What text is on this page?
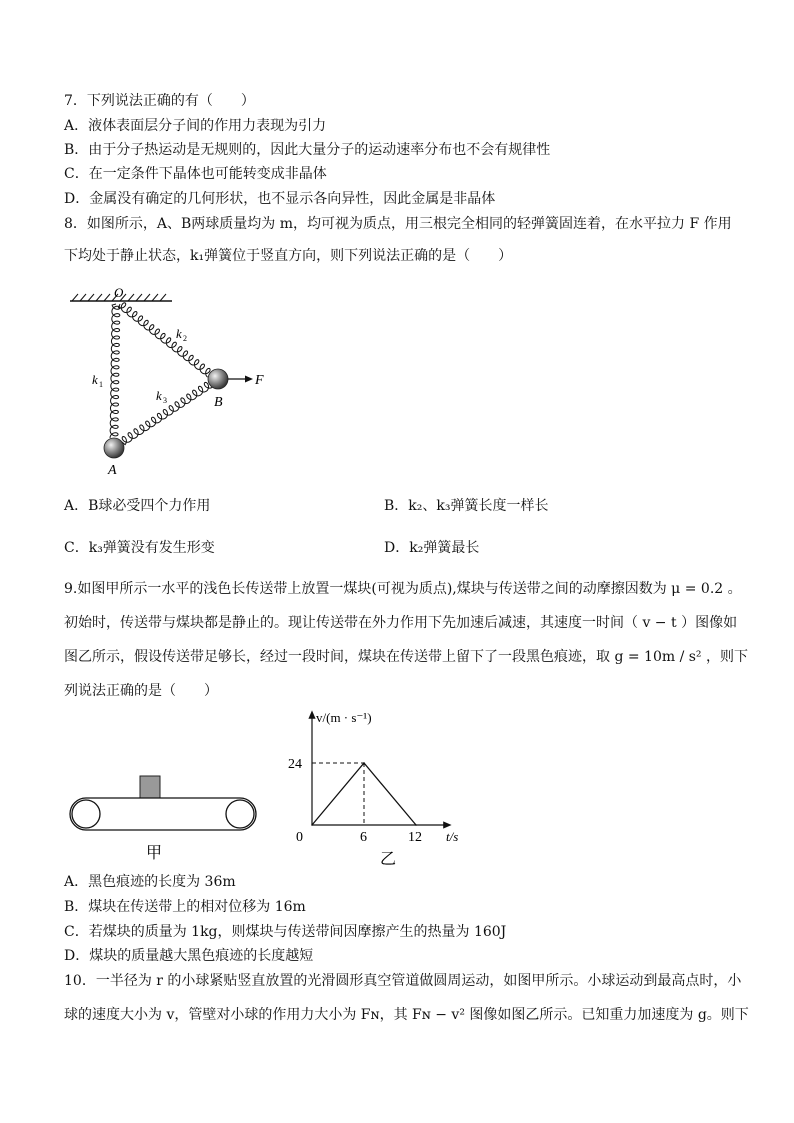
7．下列说法正确的有（　　）
A．液体表面层分子间的作用力表现为引力
B．由于分子热运动是无规则的，因此大量分子的运动速率分布也不会有规律性
C．在一定条件下晶体也可能转变成非晶体
D．金属没有确定的几何形状，也不显示各向异性，因此金属是非晶体
8．如图所示，A、B两球质量均为 m，均可视为质点，用三根完全相同的轻弹簧固连着，在水平拉力 F 作用
下均处于静止状态，k₁弹簧位于竖直方向，则下列说法正确的是（　　）
O
F
k 1
k 2
k 3
A
B
A．B球必受四个力作用	B．k₂、k₃弹簧长度一样长
C．k₃弹簧没有发生形变	D．k₂弹簧最长
9.如图甲所示一水平的浅色长传送带上放置一煤块(可视为质点),煤块与传送带之间的动摩擦因数为 μ = 0.2 。
初始时，传送带与煤块都是静止的。现让传送带在外力作用下先加速后减速，其速度一时间（ v − t ）图像如
图乙所示，假设传送带足够长，经过一段时间，煤块在传送带上留下了一段黑色痕迹，取 g = 10m / s² ，则下
列说法正确的是（　　）
甲
v/(m · s⁻¹)
t/s
0
24
6	12
乙
A．黑色痕迹的长度为 36m
B．煤块在传送带上的相对位移为 16m
C．若煤块的质量为 1kg，则煤块与传送带间因摩擦产生的热量为 160J
D．煤块的质量越大黑色痕迹的长度越短
10．一半径为 r 的小球紧贴竖直放置的光滑圆形真空管道做圆周运动，如图甲所示。小球运动到最高点时，小
球的速度大小为 v，管壁对小球的作用力大小为 Fɴ，其 Fɴ − v² 图像如图乙所示。已知重力加速度为 g。则下
